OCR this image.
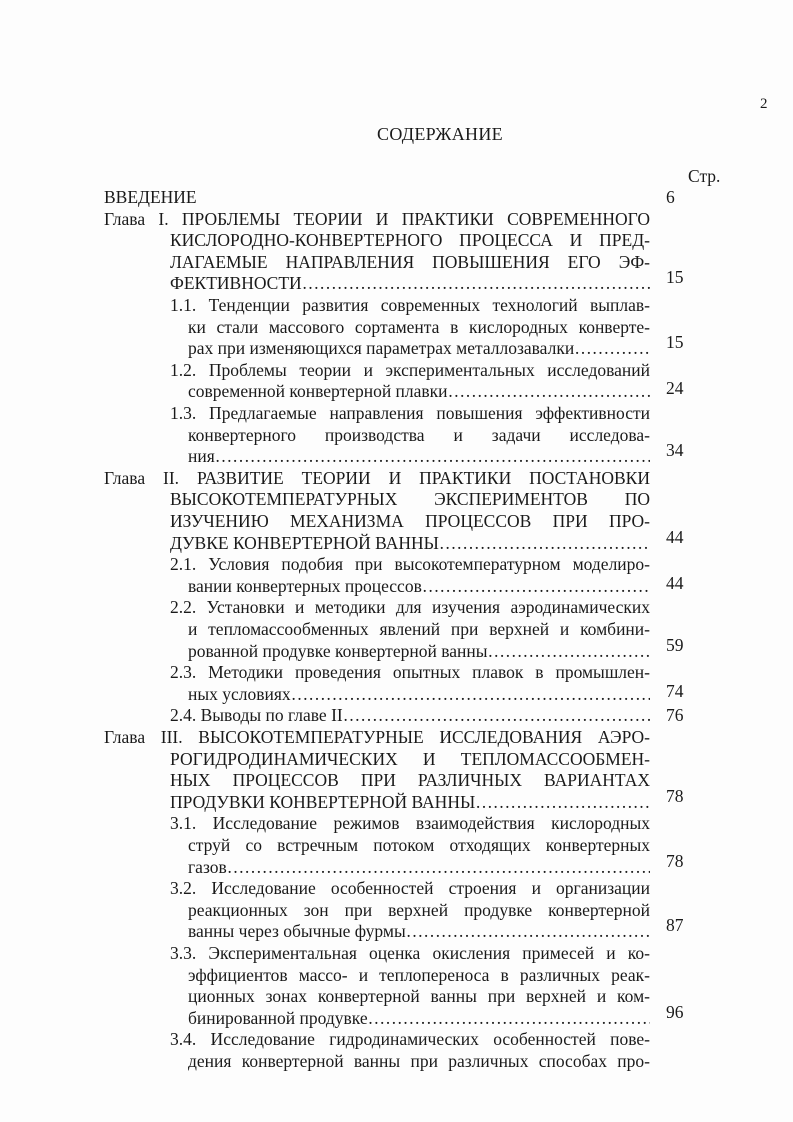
2
СОДЕРЖАНИЕ
Стр.
ВВЕДЕНИЕ	6
Глава I. ПРОБЛЕМЫ ТЕОРИИ И ПРАКТИКИ СОВРЕМЕННОГО
КИСЛОРОДНО-КОНВЕРТЕРНОГО ПРОЦЕССА И ПРЕД-
ЛАГАЕМЫЕ НАПРАВЛЕНИЯ ПОВЫШЕНИЯ ЕГО ЭФ-
ФЕКТИВНОСТИ ……………………………………………………………………………………………………………………………………………………	15
1.1. Тенденции развития современных технологий выплав-
ки стали массового сортамента в кислородных конверте-
рах при изменяющихся параметрах металлозавалки ……………………………………………………………………………………………………………………………………………………	15
1.2. Проблемы теории и экспериментальных исследований
современной конвертерной плавки ……………………………………………………………………………………………………………………………………………………	24
1.3. Предлагаемые направления повышения эффективности
конвертерного производства и задачи исследова-
ния ……………………………………………………………………………………………………………………………………………………	34
Глава II. РАЗВИТИЕ ТЕОРИИ И ПРАКТИКИ ПОСТАНОВКИ
ВЫСОКОТЕМПЕРАТУРНЫХ ЭКСПЕРИМЕНТОВ ПО
ИЗУЧЕНИЮ МЕХАНИЗМА ПРОЦЕССОВ ПРИ ПРО-
ДУВКЕ КОНВЕРТЕРНОЙ ВАННЫ ……………………………………………………………………………………………………………………………………………………	44
2.1. Условия подобия при высокотемпературном моделиро-
вании конвертерных процессов ……………………………………………………………………………………………………………………………………………………	44
2.2. Установки и методики для изучения аэродинамических
и тепломассообменных явлений при верхней и комбини-
рованной продувке конвертерной ванны ……………………………………………………………………………………………………………………………………………………	59
2.3. Методики проведения опытных плавок в промышлен-
ных условиях ……………………………………………………………………………………………………………………………………………………	74
2.4. Выводы по главе II ……………………………………………………………………………………………………………………………………………………	76
Глава III. ВЫСОКОТЕМПЕРАТУРНЫЕ ИССЛЕДОВАНИЯ АЭРО-
РОГИДРОДИНАМИЧЕСКИХ И ТЕПЛОМАССООБМЕН-
НЫХ ПРОЦЕССОВ ПРИ РАЗЛИЧНЫХ ВАРИАНТАХ
ПРОДУВКИ КОНВЕРТЕРНОЙ ВАННЫ ……………………………………………………………………………………………………………………………………………………	78
3.1. Исследование режимов взаимодействия кислородных
струй со встречным потоком отходящих конвертерных
газов ……………………………………………………………………………………………………………………………………………………	78
3.2. Исследование особенностей строения и организации
реакционных зон при верхней продувке конвертерной
ванны через обычные фурмы ……………………………………………………………………………………………………………………………………………………	87
3.3. Экспериментальная оценка окисления примесей и ко-
эффициентов массо- и теплопереноса в различных реак-
ционных зонах конвертерной ванны при верхней и ком-
бинированной продувке ……………………………………………………………………………………………………………………………………………………	96
3.4. Исследование гидродинамических особенностей пове-
дения конвертерной ванны при различных способах про-
